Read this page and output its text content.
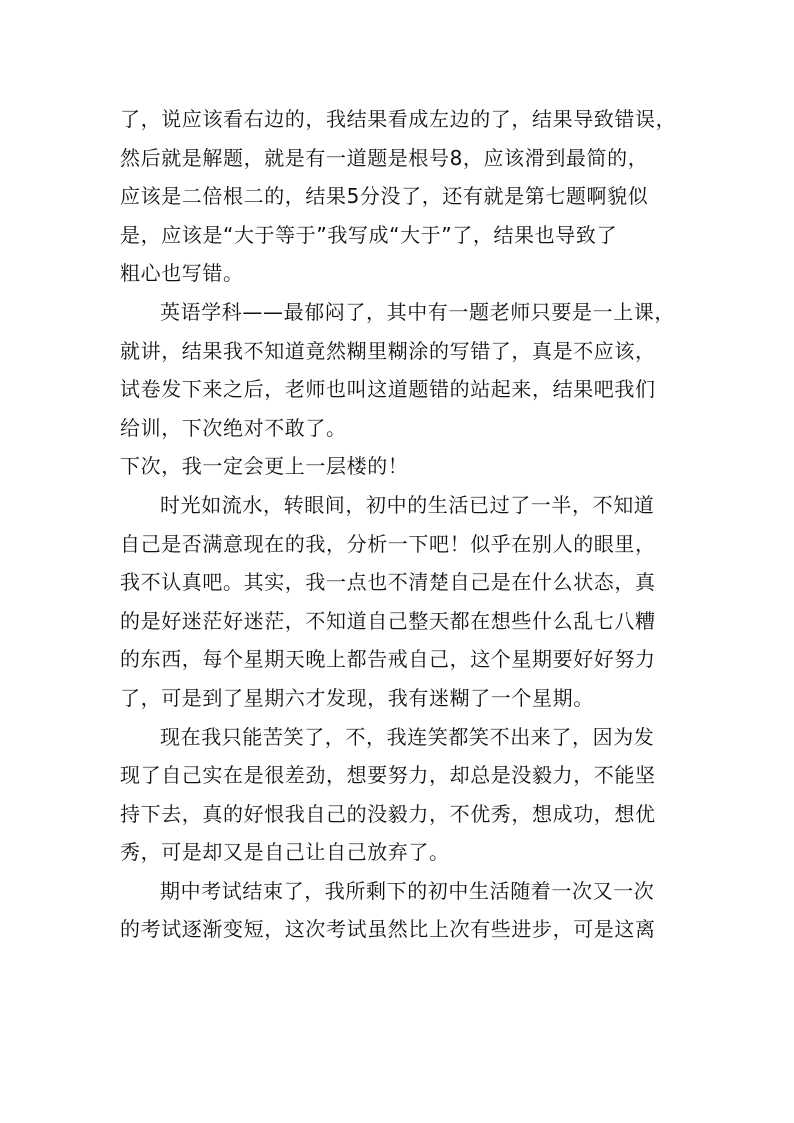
了，说应该看右边的，我结果看成左边的了，结果导致错误，
然后就是解题，就是有一道题是根号8，应该滑到最简的，
应该是二倍根二的，结果5分没了，还有就是第七题啊貌似
是，应该是“大于等于”我写成“大于”了，结果也导致了
粗心也写错。
英语学科——最郁闷了，其中有一题老师只要是一上课，
就讲，结果我不知道竟然糊里糊涂的写错了，真是不应该，
试卷发下来之后，老师也叫这道题错的站起来，结果吧我们
给训，下次绝对不敢了。
下次，我一定会更上一层楼的！
时光如流水，转眼间，初中的生活已过了一半，不知道
自己是否满意现在的我，分析一下吧！似乎在别人的眼里，
我不认真吧。其实，我一点也不清楚自己是在什么状态，真
的是好迷茫好迷茫，不知道自己整天都在想些什么乱七八糟
的东西，每个星期天晚上都告戒自己，这个星期要好好努力
了，可是到了星期六才发现，我有迷糊了一个星期。
现在我只能苦笑了，不，我连笑都笑不出来了，因为发
现了自己实在是很差劲，想要努力，却总是没毅力，不能坚
持下去，真的好恨我自己的没毅力，不优秀，想成功，想优
秀，可是却又是自己让自己放弃了。
期中考试结束了，我所剩下的初中生活随着一次又一次
的考试逐渐变短，这次考试虽然比上次有些进步，可是这离
